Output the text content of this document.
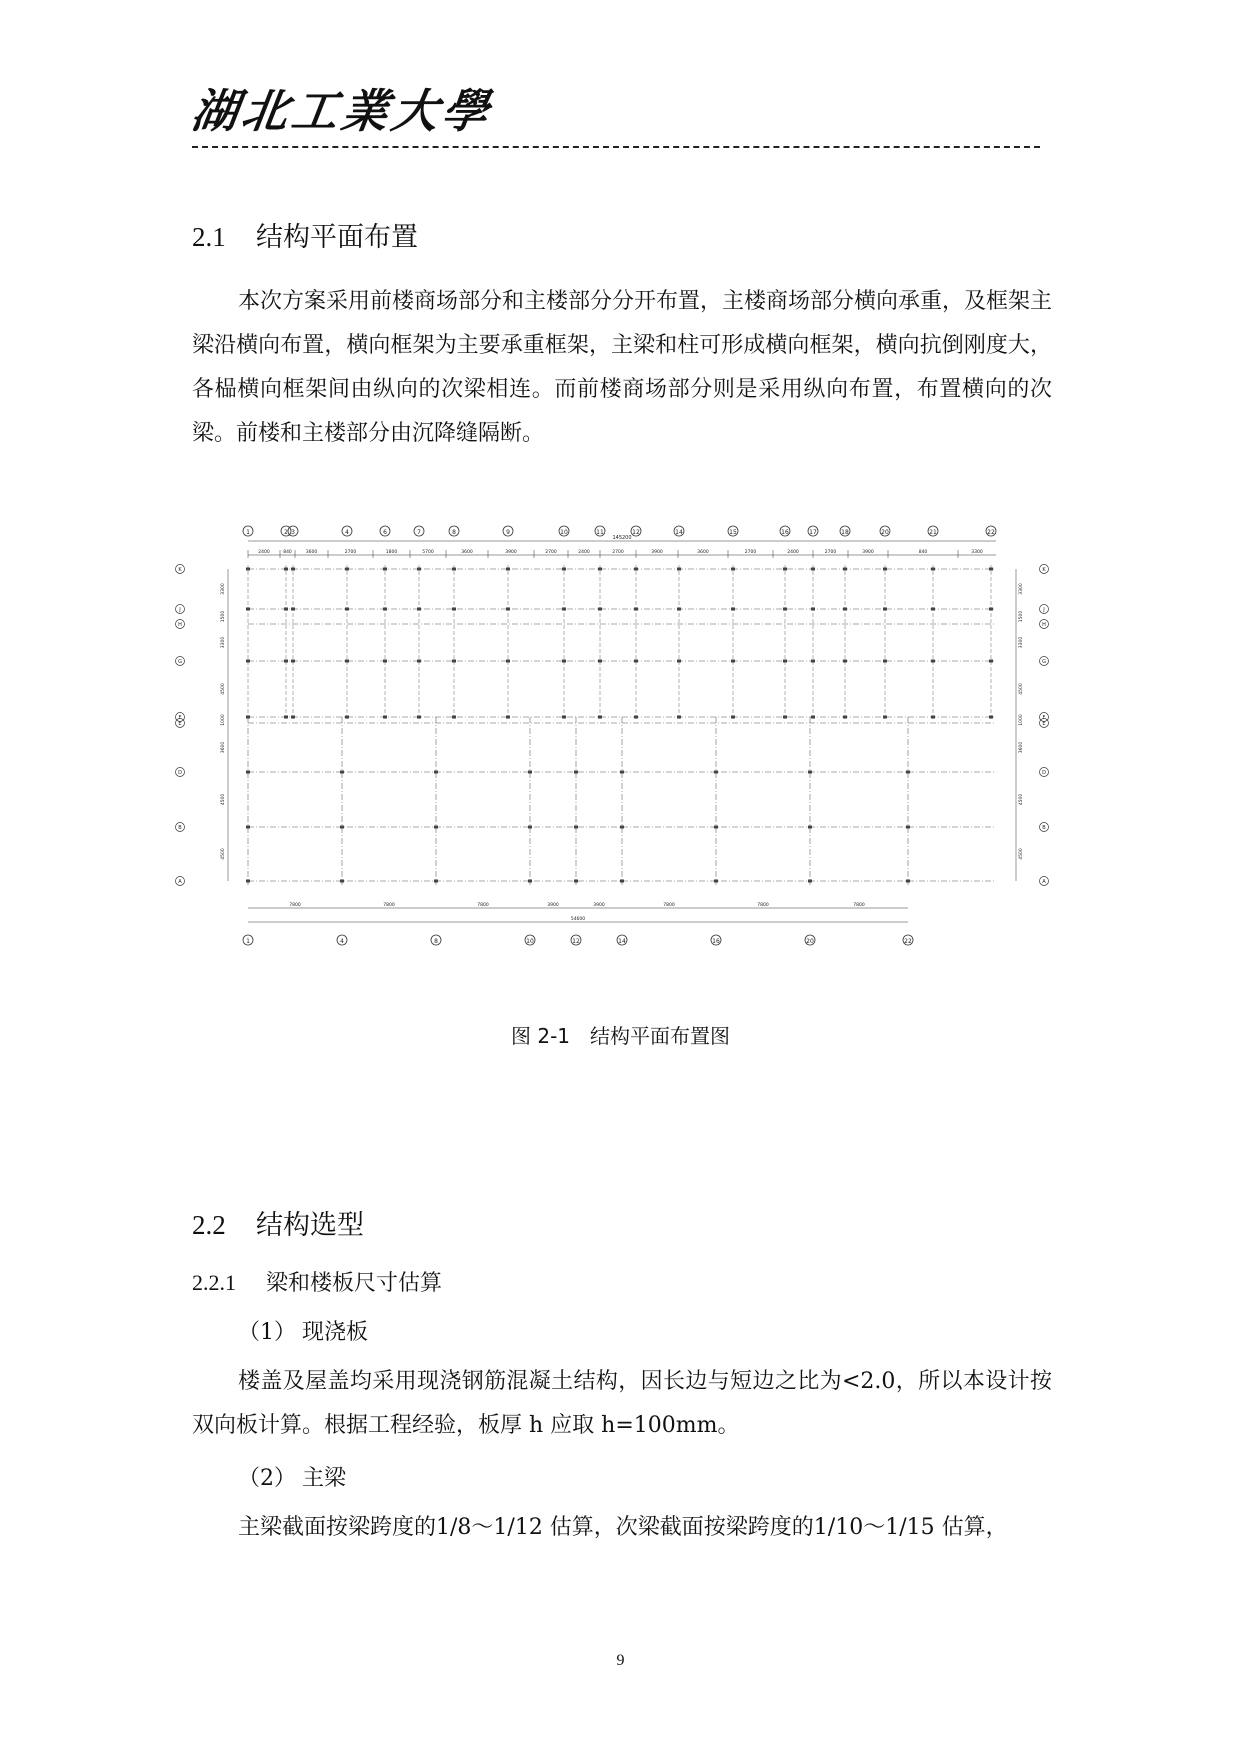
湖北工業大學
2.1 结构平面布置
本次方案采用前楼商场部分和主楼部分分开布置，主楼商场部分横向承重，及框架主梁沿横向布置，横向框架为主要承重框架，主梁和柱可形成横向框架，横向抗倒刚度大，各榀横向框架间由纵向的次梁相连。而前楼商场部分则是采用纵向布置，布置横向的次梁。前楼和主楼部分由沉降缝隔断。
1	2 3	4	6	7	8	9	10	11	12	14	15	16	17	18	20	21	22
145200
2400	840	3600	2700	1800	5700	3600	3900	2700	2400	2700	3900	3600	2700	2400	2700	3900	840	3300
K	K
J	J
H	H
G	G
F	F
E	E
D	D
B	B
A	A
3300
1500
3300
4500
1000
3600
4500
4500
3300
1500
3300
4500
1000
3600
4500
4500
7800	7800	7800	3900	3900	7800	7800	7800
54600
1	4	8	10	12	14	16	20	22
图 2-1　结构平面布置图
2.2 结构选型
2.2.1 梁和楼板尺寸估算
（1） 现浇板
楼盖及屋盖均采用现浇钢筋混凝土结构，因长边与短边之比为<2.0，所以本设计按双向板计算。根据工程经验，板厚 h 应取 h=100mm。
（2） 主梁
主梁截面按梁跨度的1/8～1/12 估算，次梁截面按梁跨度的1/10～1/15 估算，
9
